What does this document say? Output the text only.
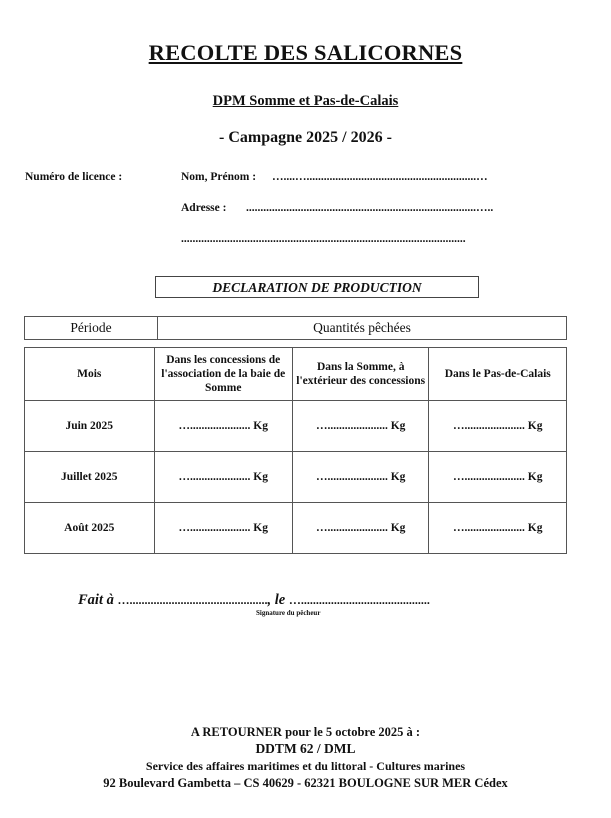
RECOLTE DES SALICORNES
DPM Somme et Pas-de-Calais
- Campagne 2025 / 2026 -
Numéro de licence :	Nom, Prénom : …....…...........................................................…
Adresse : ................................................................................…..
...................................................................................................
DECLARATION DE PRODUCTION
Période	Quantités pêchées
Mois	Dans les concessions de l'association de la baie de Somme	Dans la Somme, à l'extérieur des concessions	Dans le Pas-de-Calais
Juin 2025	…..................... Kg	…..................... Kg	…..................... Kg
Juillet 2025	…..................... Kg	…..................... Kg	…..................... Kg
Août 2025	…..................... Kg	…..................... Kg	…..................... Kg
Fait à ….............................................., le …...........................................
Signature du pêcheur
A RETOURNER pour le 5 octobre 2025 à :
DDTM 62 / DML
Service des affaires maritimes et du littoral - Cultures marines
92 Boulevard Gambetta – CS 40629 - 62321 BOULOGNE SUR MER Cédex
